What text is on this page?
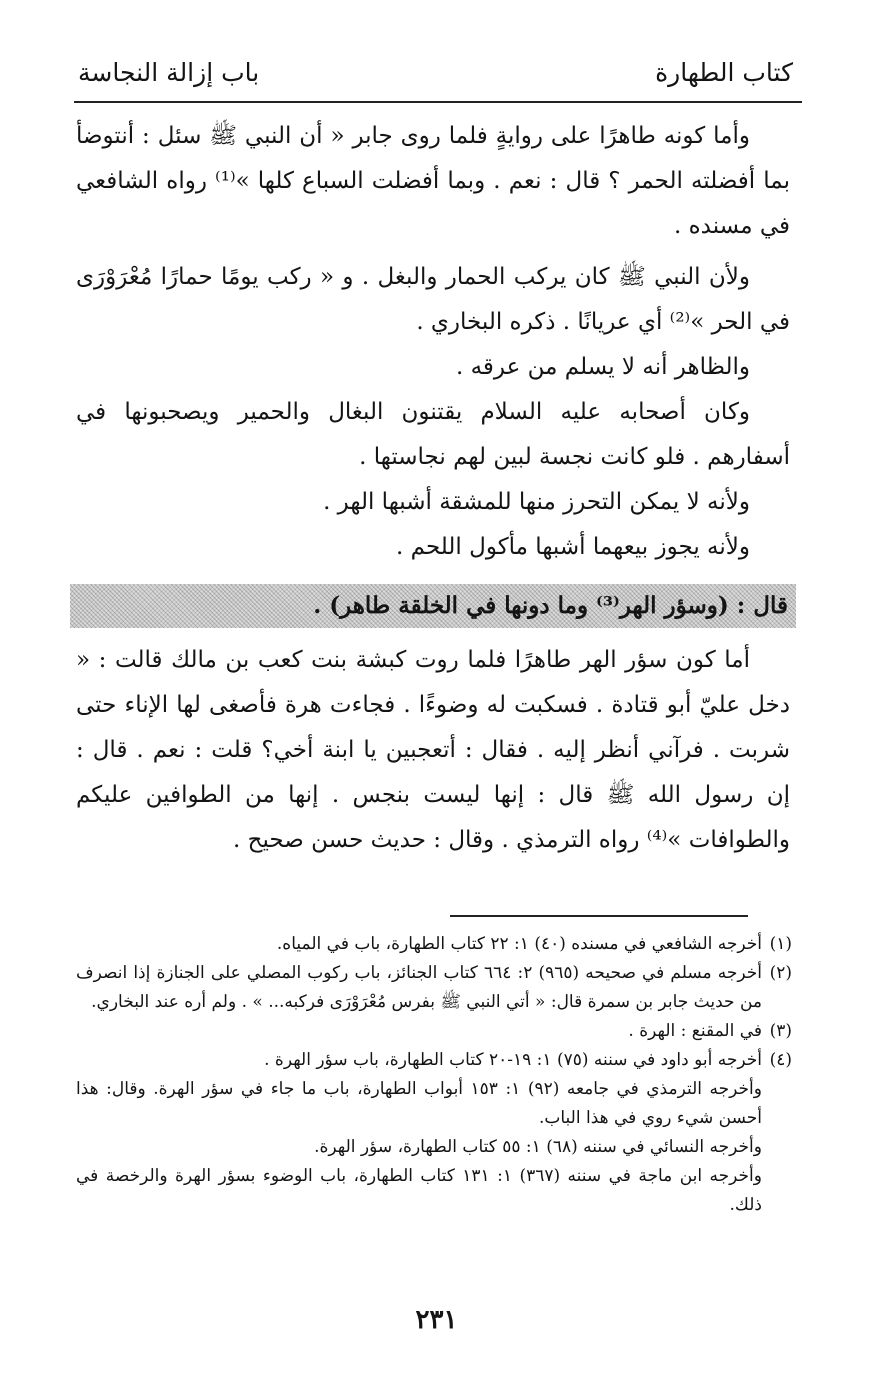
كتاب الطهارة
باب إزالة النجاسة

وأما كونه طاهرًا على روايةٍ فلما روى جابر « أن النبي ﷺ سئل : أنتوضأ بما أفضلته الحمر ؟ قال : نعم . وبما أفضلت السباع كلها »⁽¹⁾ رواه الشافعي في مسنده .

ولأن النبي ﷺ كان يركب الحمار والبغل . و « ركب يومًا حمارًا مُعْرَوْرَى في الحر »⁽²⁾ أي عريانًا . ذكره البخاري .

والظاهر أنه لا يسلم من عرقه .

وكان أصحابه عليه السلام يقتنون البغال والحمير ويصحبونها في أسفارهم . فلو كانت نجسة لبين لهم نجاستها .

ولأنه لا يمكن التحرز منها للمشقة أشبها الهر .

ولأنه يجوز بيعهما أشبها مأكول اللحم .

قال : (وسؤر الهر⁽³⁾ وما دونها في الخلقة طاهر) .

أما كون سؤر الهر طاهرًا فلما روت كبشة بنت كعب بن مالك قالت : « دخل عليّ أبو قتادة . فسكبت له وضوءًا . فجاءت هرة فأصغى لها الإناء حتى شربت . فرآني أنظر إليه . فقال : أتعجبين يا ابنة أخي؟ قلت : نعم . قال : إن رسول الله ﷺ قال : إنها ليست بنجس . إنها من الطوافين عليكم والطوافات »⁽⁴⁾ رواه الترمذي . وقال : حديث حسن صحيح .

(١)
أخرجه الشافعي في مسنده (٤٠) ١: ٢٢ كتاب الطهارة، باب في المياه.

(٢)
أخرجه مسلم في صحيحه (٩٦٥) ٢: ٦٦٤ كتاب الجنائز، باب ركوب المصلي على الجنازة إذا انصرف من حديث جابر بن سمرة قال: « أتي النبي ﷺ بفرس مُعْرَوْرَى فركبه... » . ولم أره عند البخاري.

(٣)
في المقنع : الهرة .

(٤)
أخرجه أبو داود في سننه (٧٥) ١: ١٩-٢٠ كتاب الطهارة، باب سؤر الهرة .

وأخرجه الترمذي في جامعه (٩٢) ١: ١٥٣ أبواب الطهارة، باب ما جاء في سؤر الهرة. وقال: هذا أحسن شيء روي في هذا الباب.

وأخرجه النسائي في سننه (٦٨) ١: ٥٥ كتاب الطهارة، سؤر الهرة.

وأخرجه ابن ماجة في سننه (٣٦٧) ١: ١٣١ كتاب الطهارة، باب الوضوء بسؤر الهرة والرخصة في ذلك.

٢٣١
